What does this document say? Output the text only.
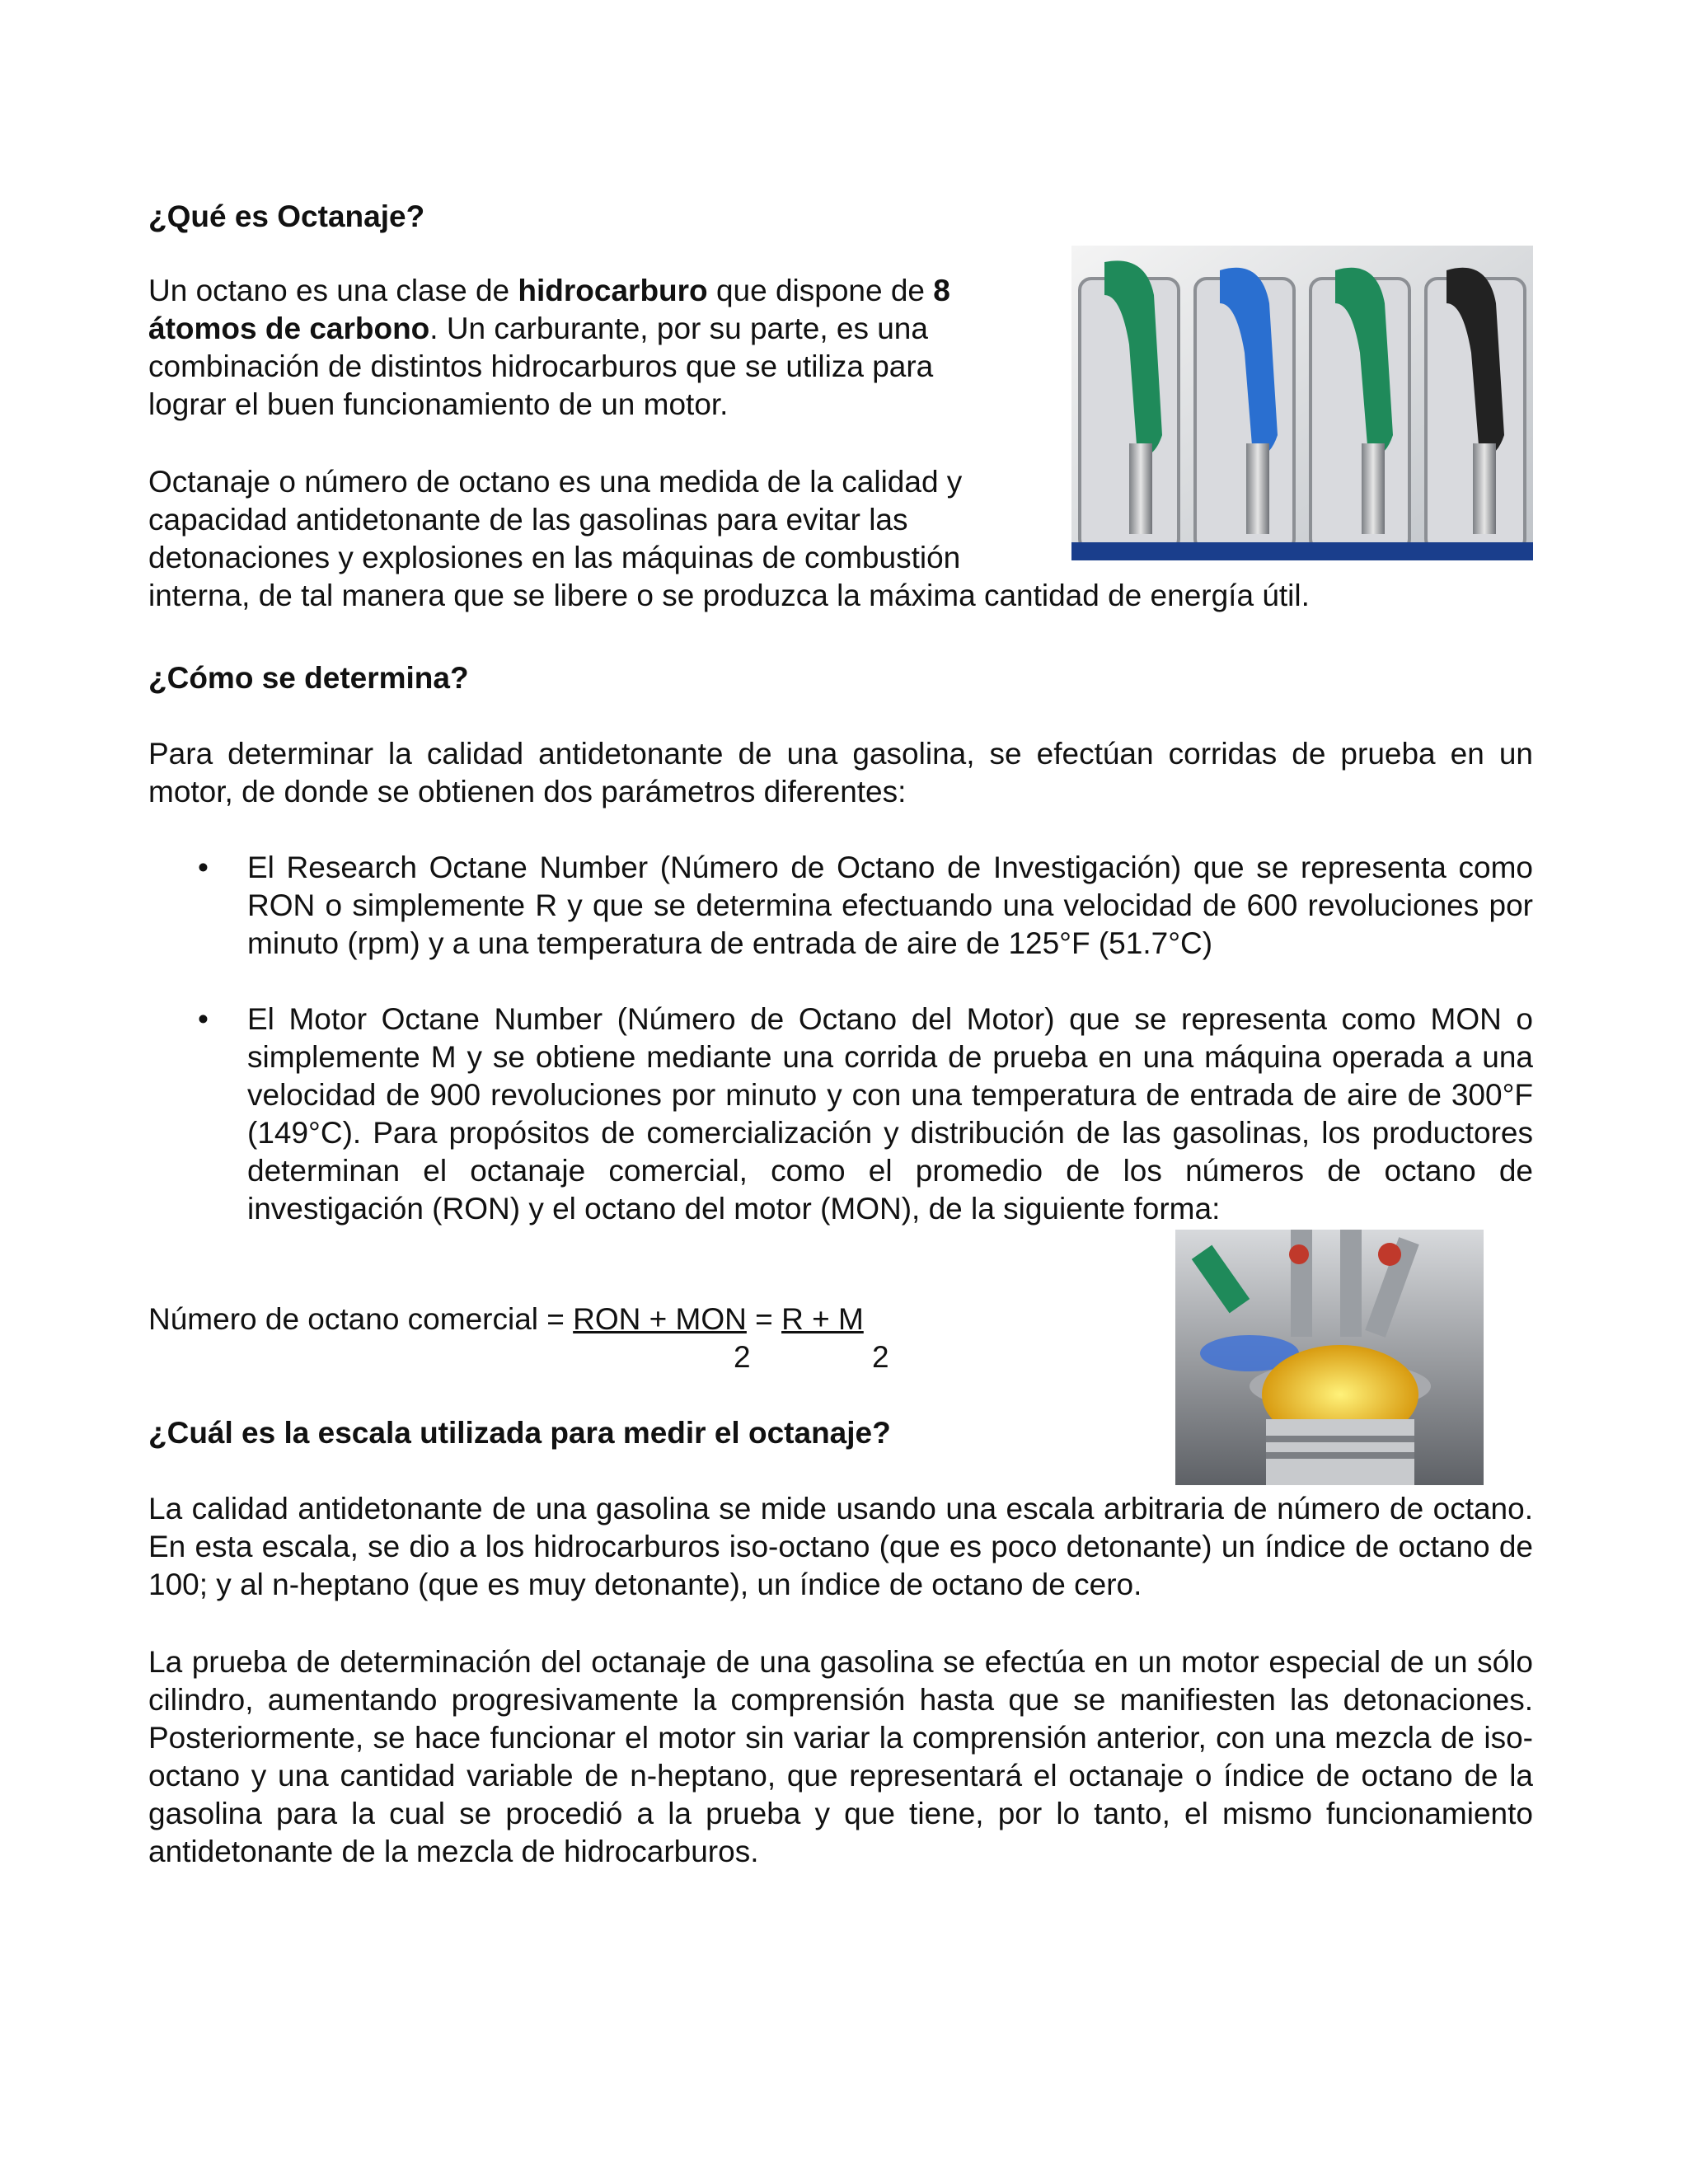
¿Qué es Octanaje?
Un octano es una clase de hidrocarburo que dispone de 8
átomos de carbono. Un carburante, por su parte, es una
combinación de distintos hidrocarburos que se utiliza para
lograr el buen funcionamiento de un motor.
Octanaje o número de octano es una medida de la calidad y
capacidad antidetonante de las gasolinas para evitar las
detonaciones y explosiones en las máquinas de combustión
interna, de tal manera que se libere o se produzca la máxima cantidad de energía útil.
¿Cómo se determina?
Para determinar la calidad antidetonante de una gasolina, se efectúan corridas de prueba en un motor, de donde se obtienen dos parámetros diferentes:
• El Research Octane Number (Número de Octano de Investigación) que se representa como RON o simplemente R y que se determina efectuando una velocidad de 600 revoluciones por minuto (rpm) y a una temperatura de entrada de aire de 125°F (51.7°C)
• El Motor Octane Number (Número de Octano del Motor) que se representa como MON o simplemente M y se obtiene mediante una corrida de prueba en una máquina operada a una velocidad de 900 revoluciones por minuto y con una temperatura de entrada de aire de 300°F (149°C). Para propósitos de comercialización y distribución de las gasolinas, los productores determinan el octanaje comercial, como el promedio de los números de octano de investigación (RON) y el octano del motor (MON), de la siguiente forma:
Número de octano comercial = RON + MON = R + M
2	2
¿Cuál es la escala utilizada para medir el octanaje?
La calidad antidetonante de una gasolina se mide usando una escala arbitraria de número de octano. En esta escala, se dio a los hidrocarburos iso-octano (que es poco detonante) un índice de octano de 100; y al n-heptano (que es muy detonante), un índice de octano de cero.
La prueba de determinación del octanaje de una gasolina se efectúa en un motor especial de un sólo cilindro, aumentando progresivamente la comprensión hasta que se manifiesten las detonaciones. Posteriormente, se hace funcionar el motor sin variar la comprensión anterior, con una mezcla de iso-octano y una cantidad variable de n-heptano, que representará el octanaje o índice de octano de la gasolina para la cual se procedió a la prueba y que tiene, por lo tanto, el mismo funcionamiento antidetonante de la mezcla de hidrocarburos.
